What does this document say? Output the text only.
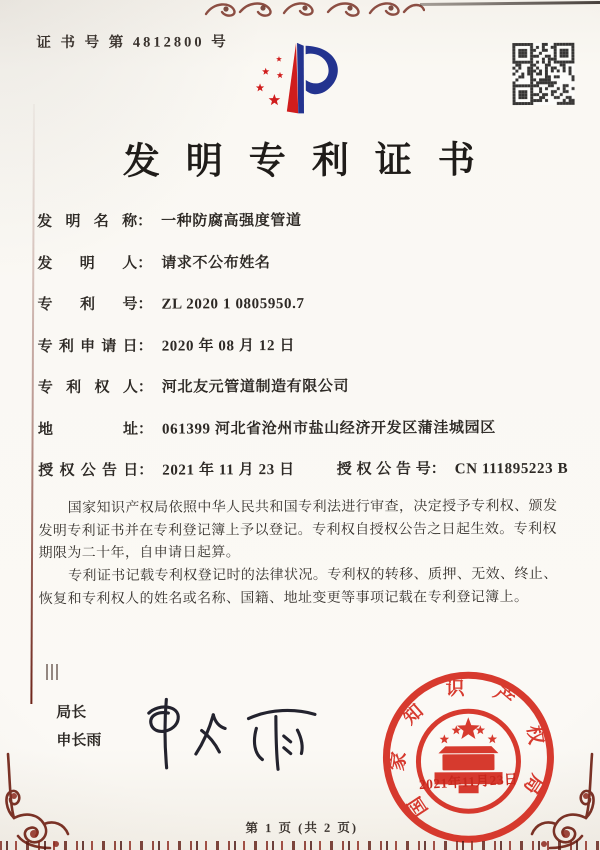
证 书 号 第 4812800 号
发明专利证书
发明名称 ： 一种防腐高强度管道
发明人 ： 请求不公布姓名
专利号 ： ZL 2020 1 0805950.7
专利申请日 ： 2020 年 08 月 12 日
专利权人 ： 河北友元管道制造有限公司
地址 ： 061399 河北省沧州市盐山经济开发区蒲洼城园区
授权公告日 ： 2021 年 11 月 23 日	授权公告号 ： CN 111895223 B

国家知识产权局依照中华人民共和国专利法进行审查，决定授予专利权、颁发发明专利证书并在专利登记簿上予以登记。专利权自授权公告之日起生效。专利权期限为二十年，自申请日起算。

专利证书记载专利权登记时的法律状况。专利权的转移、质押、无效、终止、恢复和专利权人的姓名或名称、国籍、地址变更等事项记载在专利登记簿上。

局长
申长雨
国家知识产权局
2021年11月23日
第 1 页 (共 2 页)
